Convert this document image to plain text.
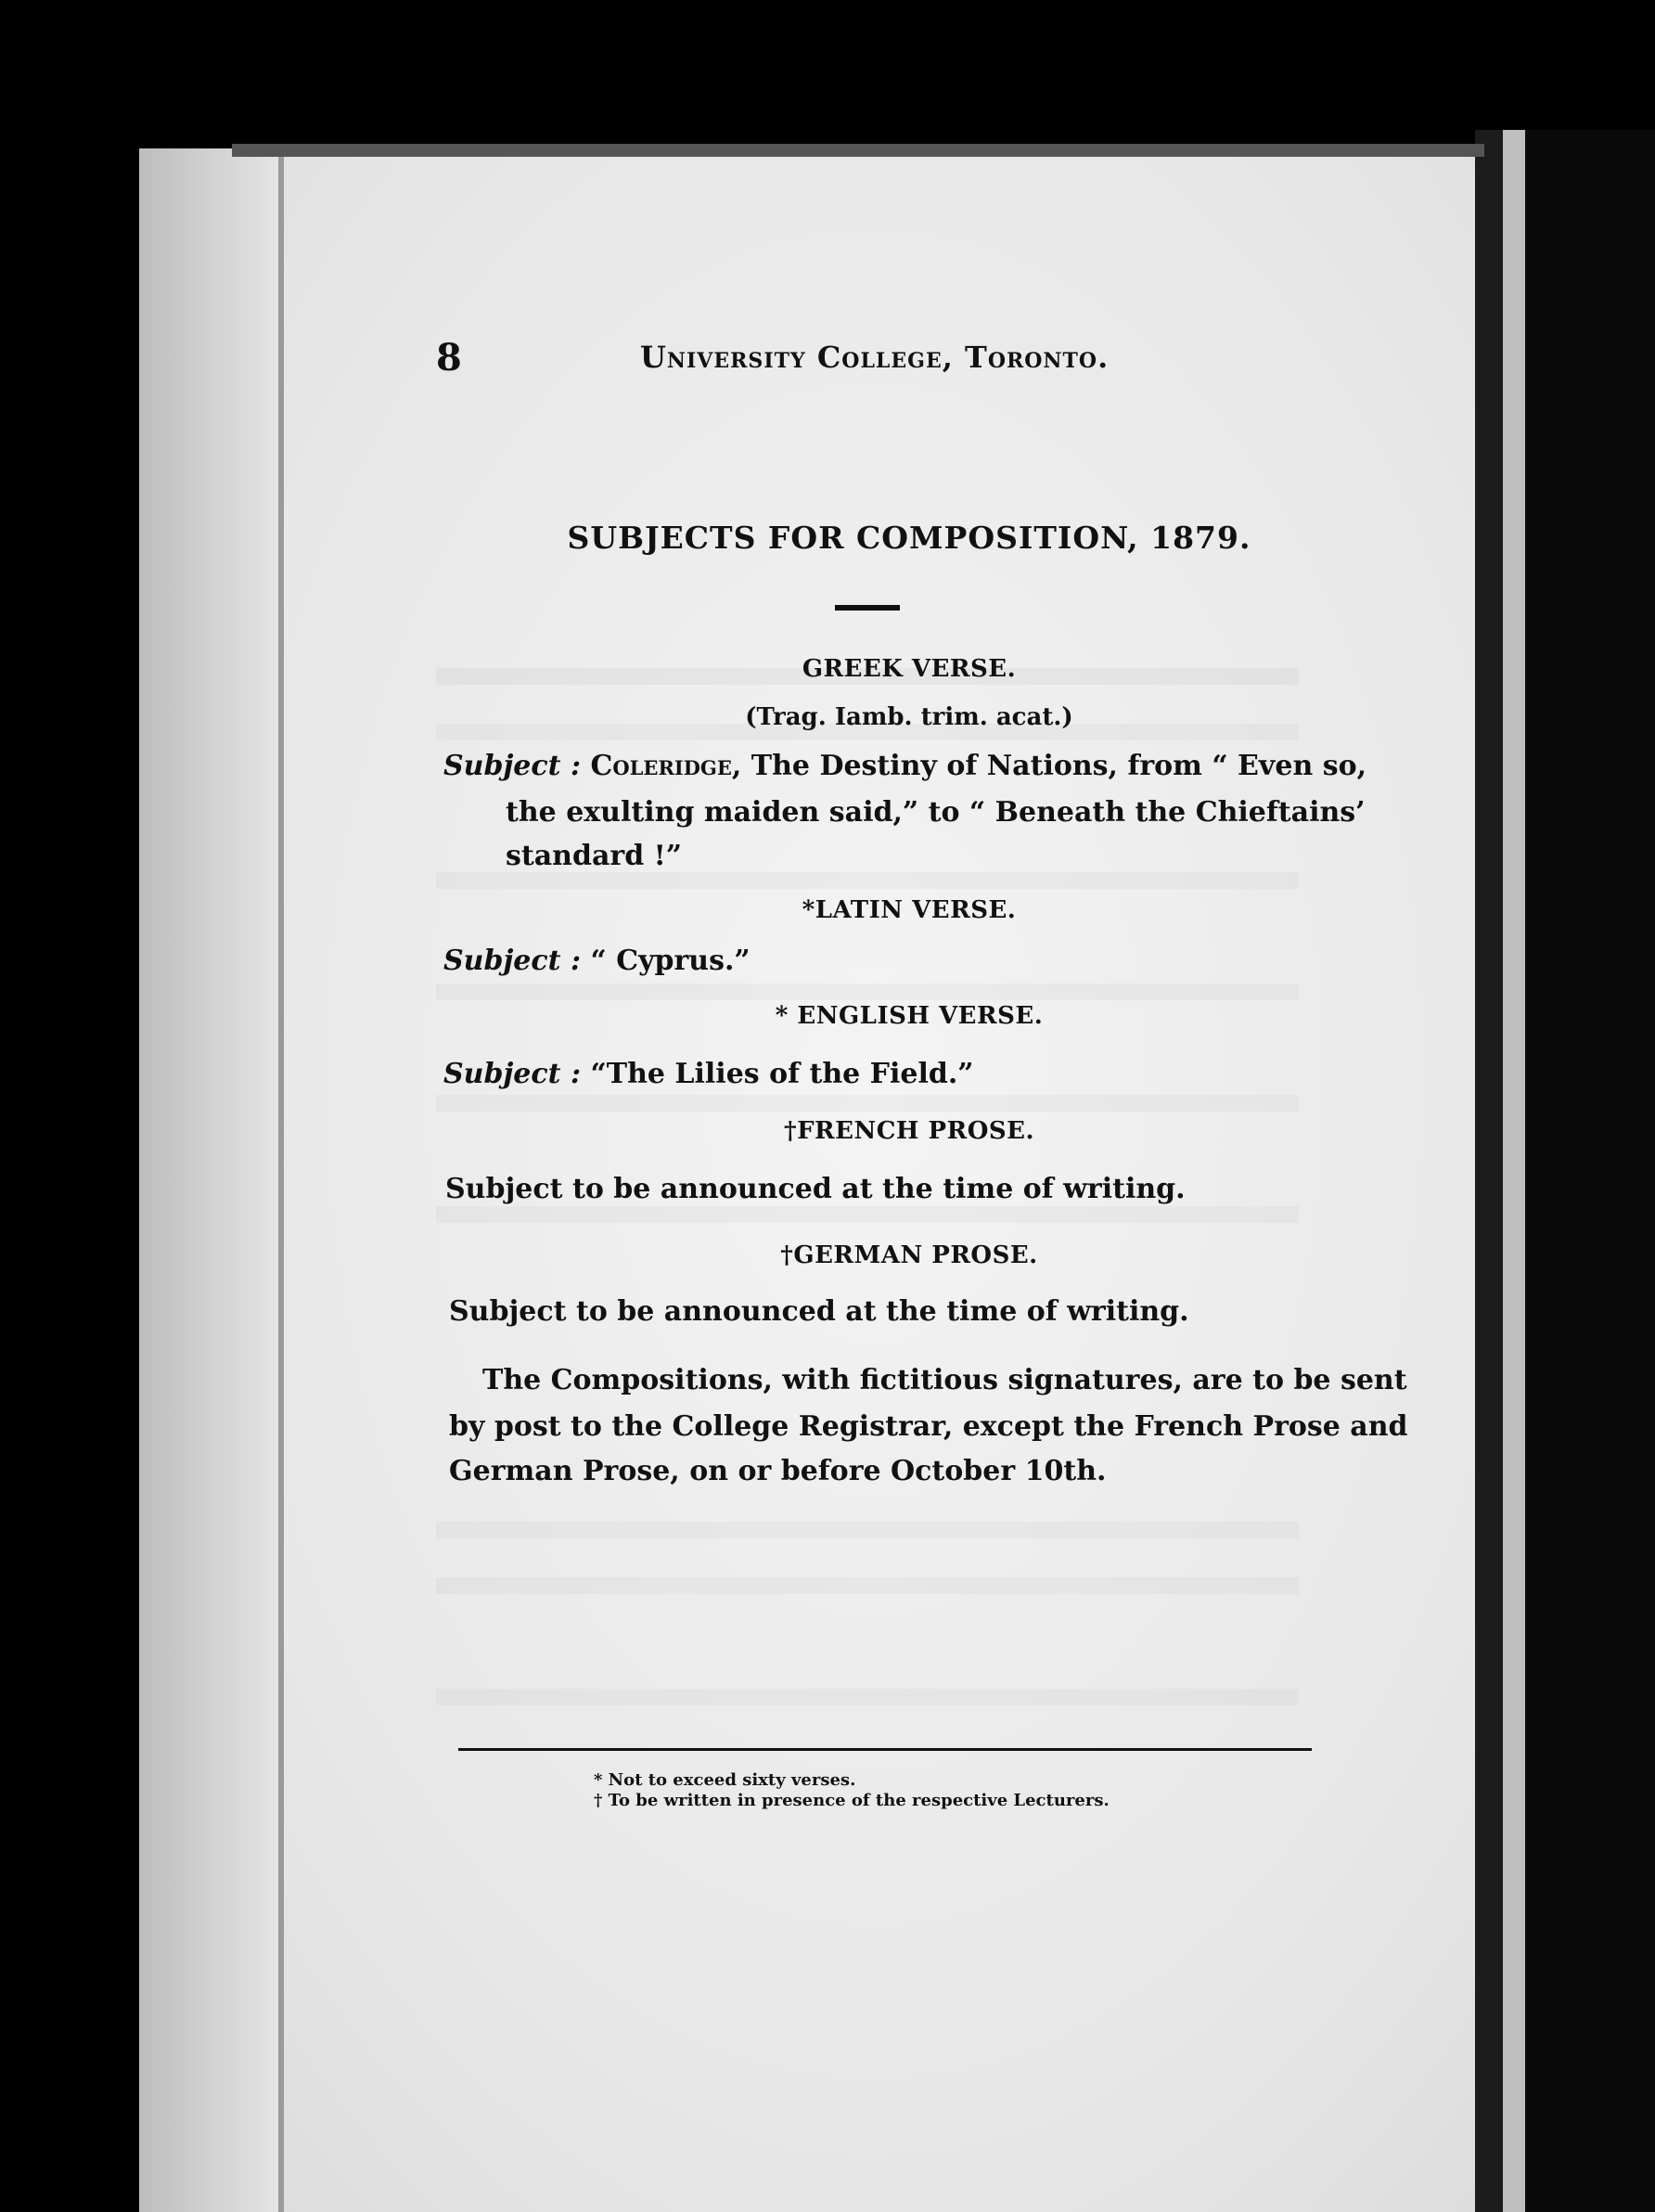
8	University College, Toronto.
SUBJECTS FOR COMPOSITION, 1879.
GREEK VERSE.
(Trag. Iamb. trim. acat.)
Subject : Coleridge, The Destiny of Nations, from “ Even so,
the exulting maiden said,” to “ Beneath the Chieftains’
standard !”
*LATIN VERSE.
Subject : “ Cyprus.”
* ENGLISH VERSE.
Subject : “The Lilies of the Field.”
†FRENCH PROSE.
Subject to be announced at the time of writing.
†GERMAN PROSE.
Subject to be announced at the time of writing.
The Compositions, with fictitious signatures, are to be sent
by post to the College Registrar, except the French Prose and
German Prose, on or before October 10th.
* Not to exceed sixty verses.
† To be written in presence of the respective Lecturers.
